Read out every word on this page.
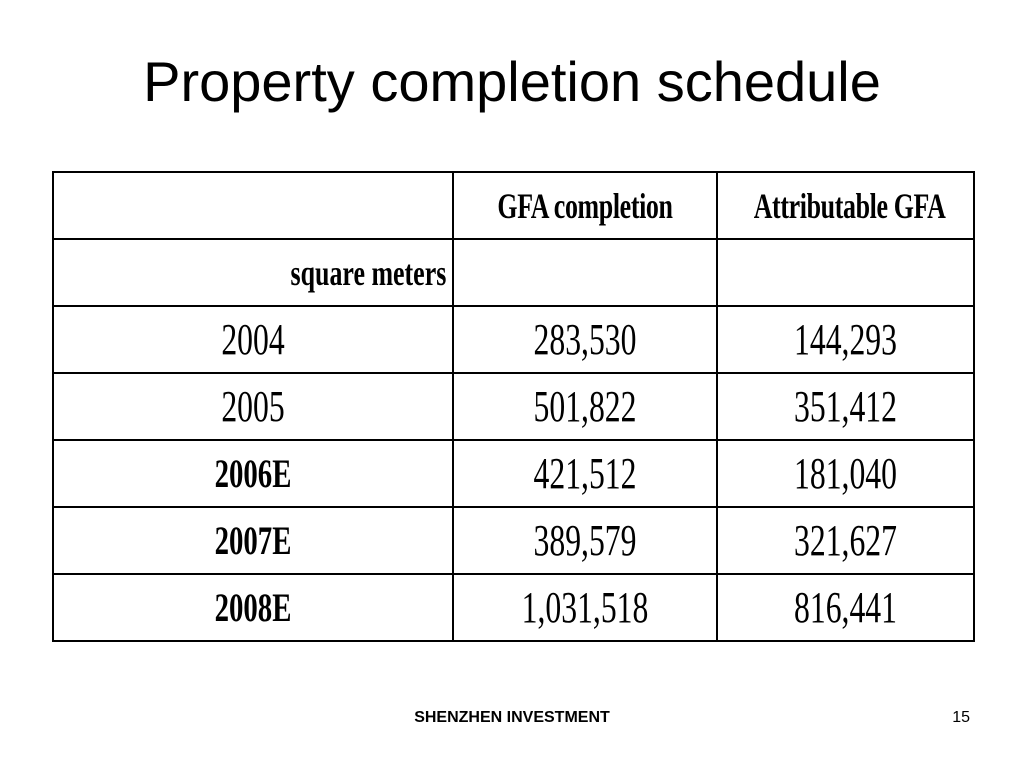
Property completion schedule

	GFA completion	Attributable GFA

square meters		

2004	283,530	144,293

2005	501,822	351,412

2006E	421,512	181,040

2007E	389,579	321,627

2008E	1,031,518	816,441
SHENZHEN INVESTMENT	15
